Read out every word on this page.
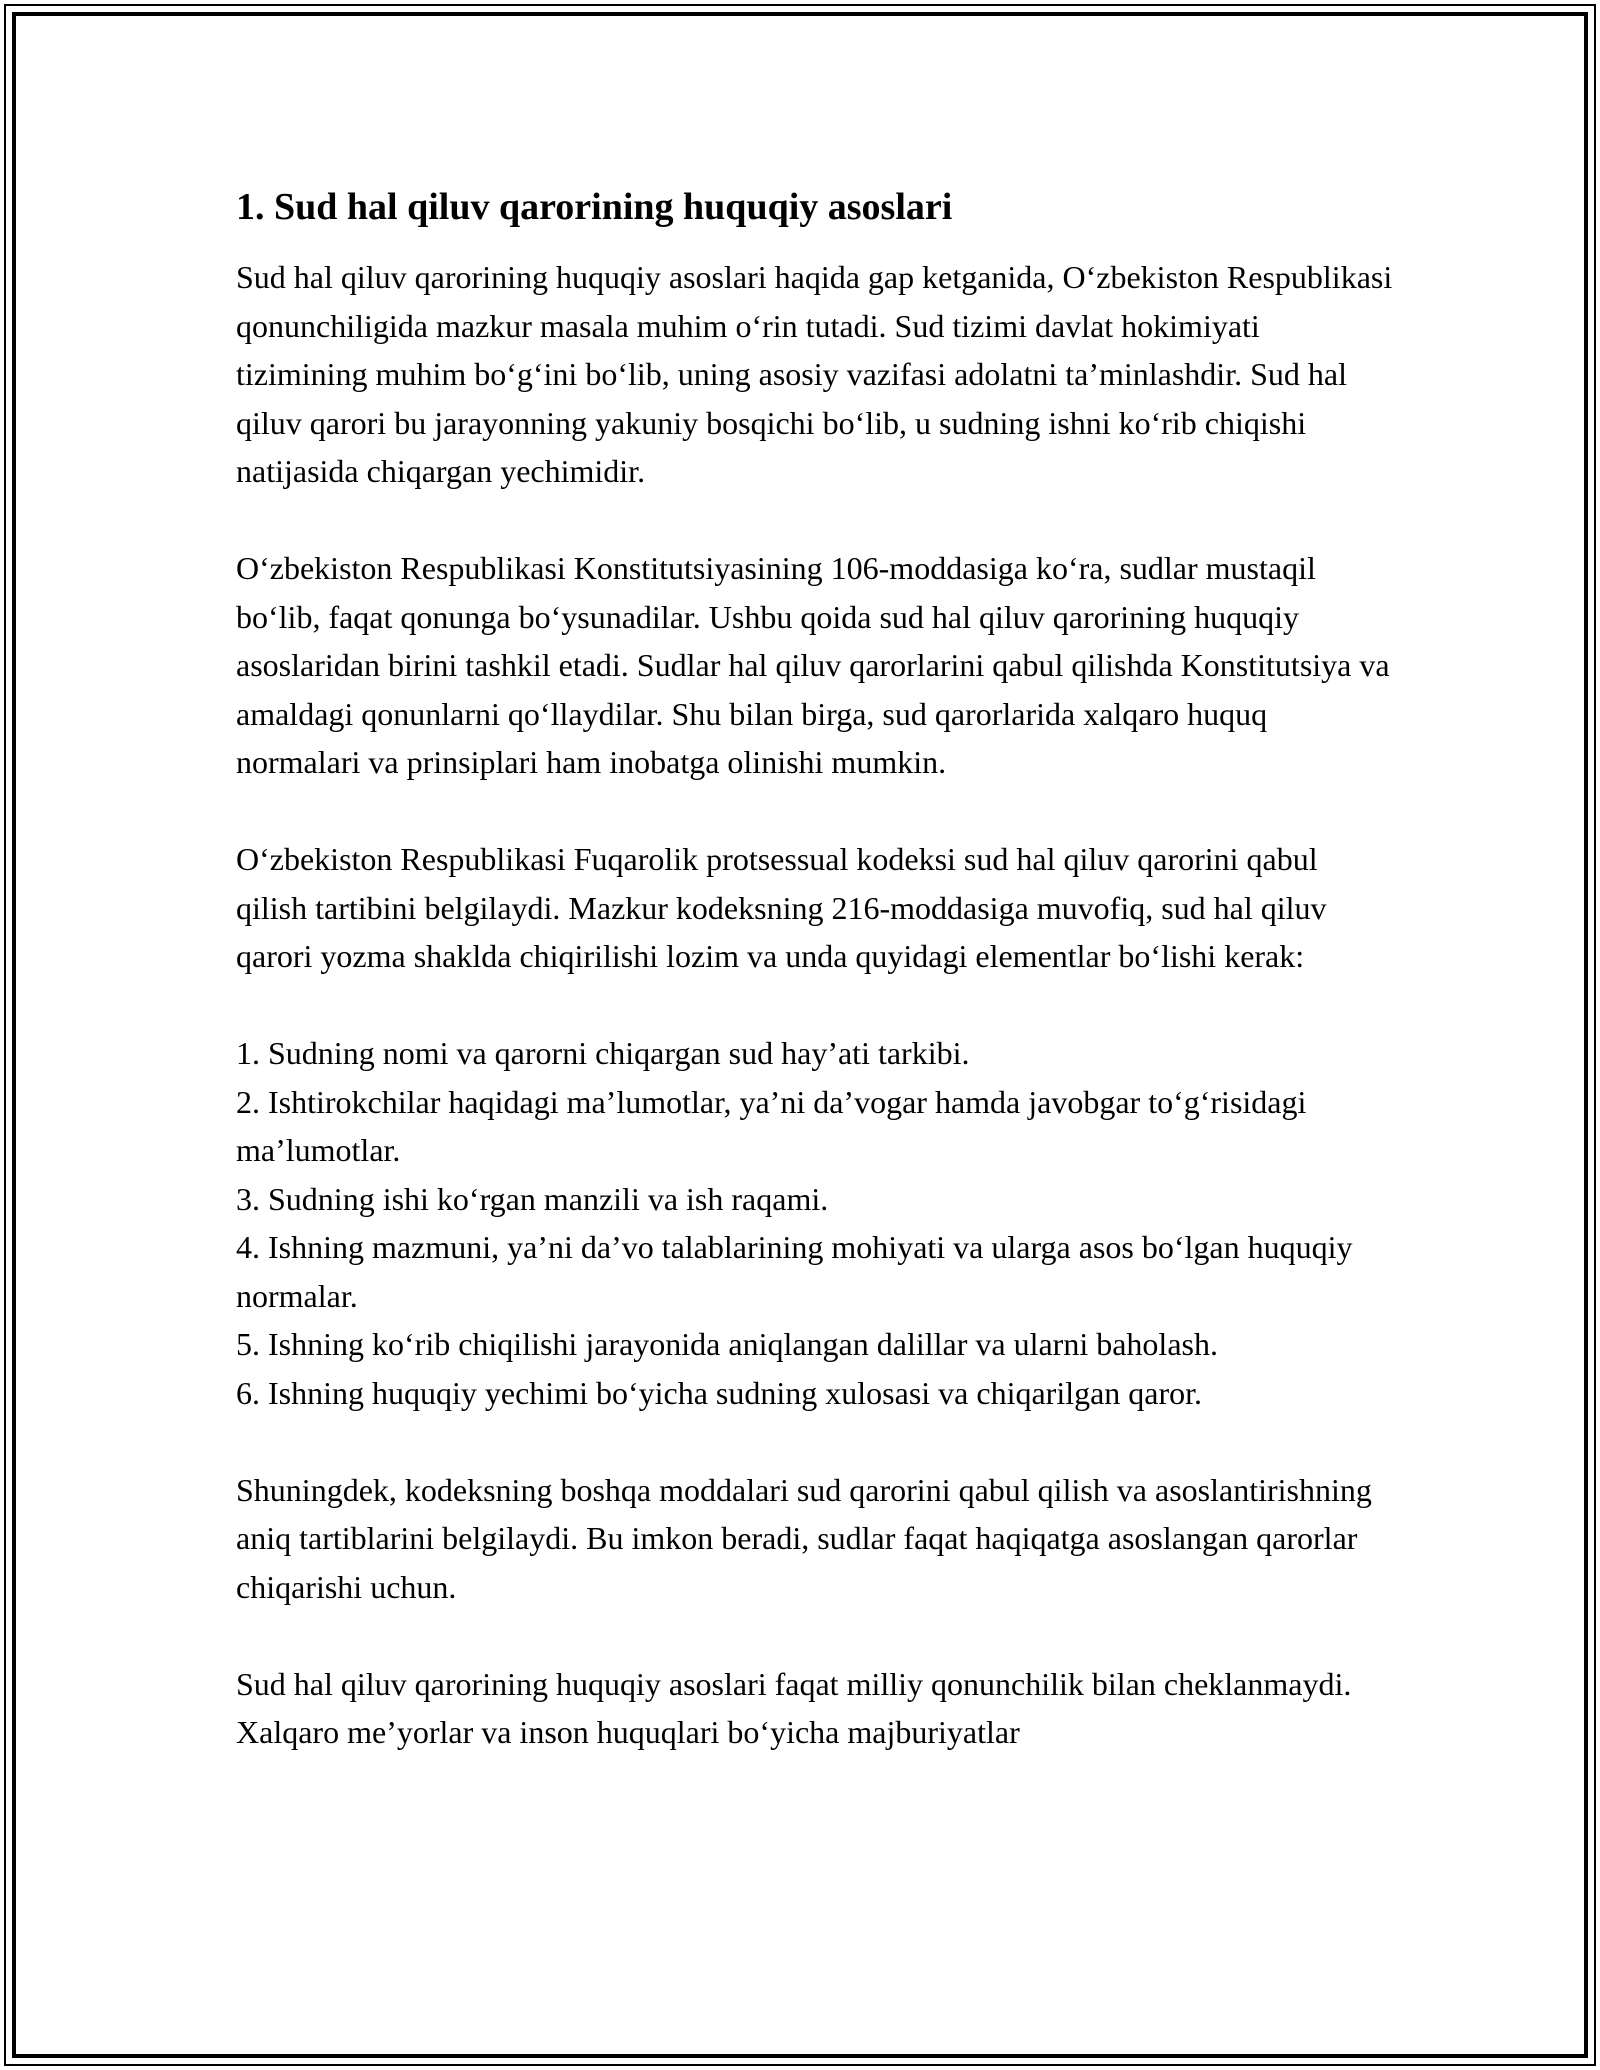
1. Sud hal qiluv qarorining huquqiy asoslari

Sud hal qiluv qarorining huquqiy asoslari haqida gap ketganida, O‘zbekiston Respublikasi qonunchiligida mazkur masala muhim o‘rin tutadi. Sud tizimi davlat hokimiyati tizimining muhim bo‘g‘ini bo‘lib, uning asosiy vazifasi adolatni ta’minlashdir. Sud hal qiluv qarori bu jarayonning yakuniy bosqichi bo‘lib, u sudning ishni ko‘rib chiqishi natijasida chiqargan yechimidir.

O‘zbekiston Respublikasi Konstitutsiyasining 106-moddasiga ko‘ra, sudlar mustaqil bo‘lib, faqat qonunga bo‘ysunadilar. Ushbu qoida sud hal qiluv qarorining huquqiy asoslaridan birini tashkil etadi. Sudlar hal qiluv qarorlarini qabul qilishda Konstitutsiya va amaldagi qonunlarni qo‘llaydilar. Shu bilan birga, sud qarorlarida xalqaro huquq normalari va prinsiplari ham inobatga olinishi mumkin.

O‘zbekiston Respublikasi Fuqarolik protsessual kodeksi sud hal qiluv qarorini qabul qilish tartibini belgilaydi. Mazkur kodeksning 216-moddasiga muvofiq, sud hal qiluv qarori yozma shaklda chiqirilishi lozim va unda quyidagi elementlar bo‘lishi kerak:

1. Sudning nomi va qarorni chiqargan sud hay’ati tarkibi.
2. Ishtirokchilar haqidagi ma’lumotlar, ya’ni da’vogar hamda javobgar to‘g‘risidagi ma’lumotlar.
3. Sudning ishi ko‘rgan manzili va ish raqami.
4. Ishning mazmuni, ya’ni da’vo talablarining mohiyati va ularga asos bo‘lgan huquqiy normalar.
5. Ishning ko‘rib chiqilishi jarayonida aniqlangan dalillar va ularni baholash.
6. Ishning huquqiy yechimi bo‘yicha sudning xulosasi va chiqarilgan qaror.

Shuningdek, kodeksning boshqa moddalari sud qarorini qabul qilish va asoslantirishning aniq tartiblarini belgilaydi. Bu imkon beradi, sudlar faqat haqiqatga asoslangan qarorlar chiqarishi uchun.

Sud hal qiluv qarorining huquqiy asoslari faqat milliy qonunchilik bilan cheklanmaydi. Xalqaro me’yorlar va inson huquqlari bo‘yicha majburiyatlar
